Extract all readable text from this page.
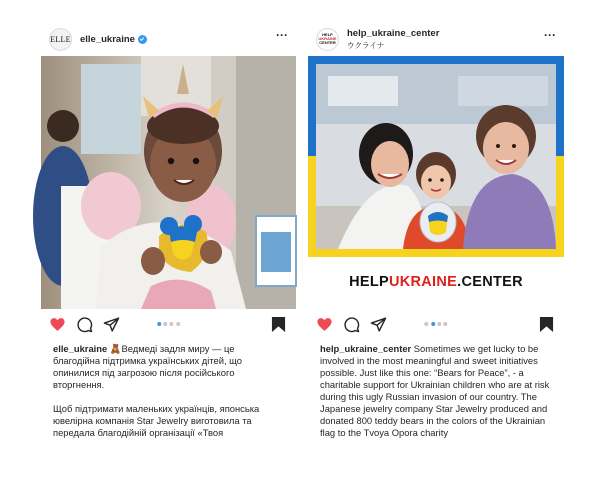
ELLE elle_ukraine	···

elle_ukraine 🧸Ведмеді задля миру — це благодійна підтримка українських дітей, що опинилися під загрозою після російського вторгнення.

Щоб підтримати маленьких українців, японська ювелірна компанія Star Jewelry виготовила та передала благодійній організації «Твоя

HELP
UKRAINE
CENTER
help_ukraine_center
ウクライナ
···
HELPUKRAINE.CENTER

help_ukraine_center Sometimes we get lucky to be involved in the most meaningful and sweet initiatives possible. Just like this one: “Bears for Peace”, - a charitable support for Ukrainian children who are at risk during this ugly Russian invasion of our country. The Japanese jewelry company Star Jewelry produced and donated 800 teddy bears in the colors of the Ukrainian flag to the Tvoya Opora charity
